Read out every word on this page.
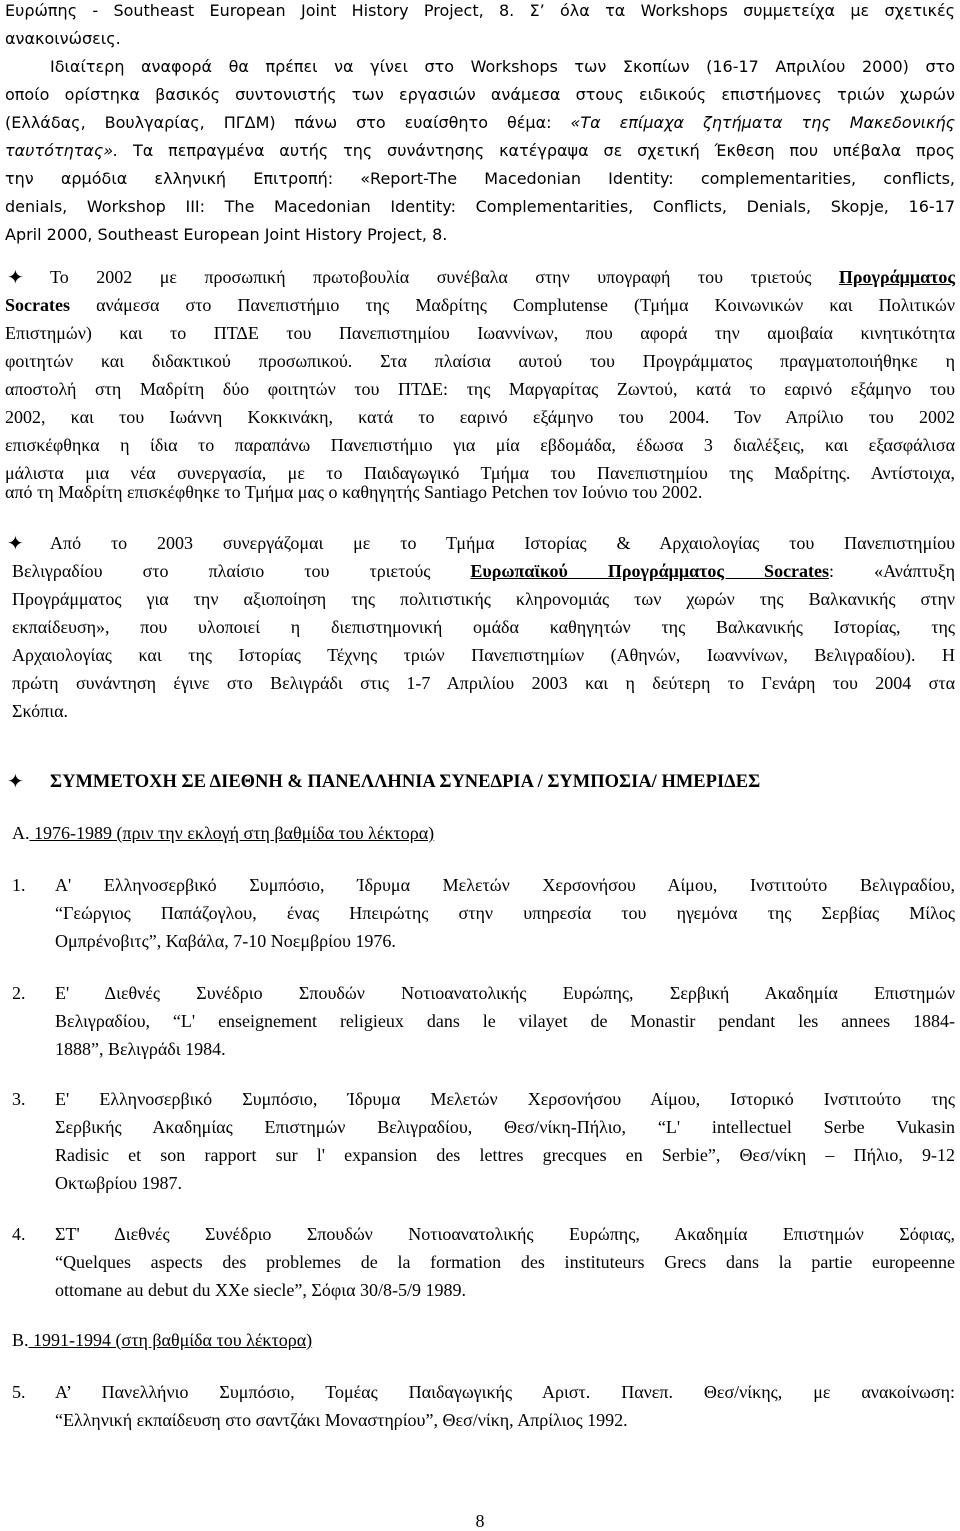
Ευρώπης - Southeast European Joint History Project, 8. Σ’ όλα τα Workshops συμμετείχα με σχετικές
ανακοινώσεις.
Ιδιαίτερη αναφορά θα πρέπει να γίνει στο Workshops των Σκοπίων (16-17 Απριλίου 2000) στο
οποίο ορίστηκα βασικός συντονιστής των εργασιών ανάμεσα στους ειδικούς επιστήμονες τριών χωρών
(Ελλάδας, Βουλγαρίας, ΠΓΔΜ) πάνω στο ευαίσθητο θέμα: «Τα επίμαχα ζητήματα της Μακεδονικής
ταυτότητας». Τα πεπραγμένα αυτής της συνάντησης κατέγραψα σε σχετική Έκθεση που υπέβαλα προς
την αρμόδια ελληνική Επιτροπή: «Report-The Macedonian Identity: complementarities, conflicts,
denials, Workshop III: The Macedonian Identity: Complementarities, Conflicts, Denials, Skopje, 16-17
April 2000, Southeast European Joint History Project, 8.
✦ Το 2002 με προσωπική πρωτοβουλία συνέβαλα στην υπογραφή του τριετούς Προγράμματος
Socrates ανάμεσα στο Πανεπιστήμιο της Μαδρίτης Complutense (Τμήμα Κοινωνικών και Πολιτικών
Επιστημών) και το ΠΤΔΕ του Πανεπιστημίου Ιωαννίνων, που αφορά την αμοιβαία κινητικότητα
φοιτητών και διδακτικού προσωπικού. Στα πλαίσια αυτού του Προγράμματος πραγματοποιήθηκε η
αποστολή στη Μαδρίτη δύο φοιτητών του ΠΤΔΕ: της Μαργαρίτας Ζωντού, κατά το εαρινό εξάμηνο του
2002, και του Ιωάννη Κοκκινάκη, κατά το εαρινό εξάμηνο του 2004. Τον Απρίλιο του 2002
επισκέφθηκα η ίδια το παραπάνω Πανεπιστήμιο για μία εβδομάδα, έδωσα 3 διαλέξεις, και εξασφάλισα
μάλιστα μια νέα συνεργασία, με το Παιδαγωγικό Τμήμα του Πανεπιστημίου της Μαδρίτης. Αντίστοιχα,
από τη Μαδρίτη επισκέφθηκε το Τμήμα μας ο καθηγητής Santiago Petchen τον Ιούνιο του 2002.
✦ Από το 2003 συνεργάζομαι με το Τμήμα Ιστορίας & Αρχαιολογίας του Πανεπιστημίου
Βελιγραδίου στο πλαίσιο του τριετούς Ευρωπαϊκού Προγράμματος Socrates: «Ανάπτυξη
Προγράμματος για την αξιοποίηση της πολιτιστικής κληρονομιάς των χωρών της Βαλκανικής στην
εκπαίδευση», που υλοποιεί η διεπιστημονική ομάδα καθηγητών της Βαλκανικής Ιστορίας, της
Αρχαιολογίας και της Ιστορίας Τέχνης τριών Πανεπιστημίων (Αθηνών, Ιωαννίνων, Βελιγραδίου). Η
πρώτη συνάντηση έγινε στο Βελιγράδι στις 1-7 Απριλίου 2003 και η δεύτερη το Γενάρη του 2004 στα
Σκόπια.
✦ ΣΥΜΜΕΤΟΧΗ ΣΕ ΔΙΕΘΝΗ & ΠΑΝΕΛΛΗΝΙΑ ΣΥΝΕΔΡΙΑ / ΣΥΜΠΟΣΙΑ/ ΗΜΕΡΙΔΕΣ
Α. 1976-1989 (πριν την εκλογή στη βαθμίδα του λέκτορα)
1. Α' Ελληνοσερβικό Συμπόσιο, Ίδρυμα Μελετών Χερσονήσου Αίμου, Ινστιτούτο Βελιγραδίου,
“Γεώργιος Παπάζογλου, ένας Ηπειρώτης στην υπηρεσία του ηγεμόνα της Σερβίας Μίλος
Ομπρένοβιτς”, Καβάλα, 7-10 Νοεμβρίου 1976.
2. Ε' Διεθνές Συνέδριο Σπουδών Νοτιοανατολικής Ευρώπης, Σερβική Ακαδημία Επιστημών
Βελιγραδίου, “L' enseignement religieux dans le vilayet de Monastir pendant les annees 1884-
1888”, Βελιγράδι 1984.
3. Ε' Ελληνοσερβικό Συμπόσιο, Ίδρυμα Μελετών Χερσονήσου Αίμου, Ιστορικό Ινστιτούτο της
Σερβικής Ακαδημίας Επιστημών Βελιγραδίου, Θεσ/νίκη-Πήλιο, “L' intellectuel Serbe Vukasin
Radisic et son rapport sur l' expansion des lettres grecques en Serbie”, Θεσ/νίκη – Πήλιο, 9-12
Οκτωβρίου 1987.
4. ΣΤ' Διεθνές Συνέδριο Σπουδών Νοτιοανατολικής Ευρώπης, Ακαδημία Επιστημών Σόφιας,
“Quelques aspects des problemes de la formation des instituteurs Grecs dans la partie europeenne
ottomane au debut du XXe siecle”, Σόφια 30/8-5/9 1989.
Β. 1991-1994 (στη βαθμίδα του λέκτορα)
5. Α’ Πανελλήνιο Συμπόσιο, Τομέας Παιδαγωγικής Αριστ. Πανεπ. Θεσ/νίκης, με ανακοίνωση:
“Ελληνική εκπαίδευση στο σαντζάκι Μοναστηρίου”, Θεσ/νίκη, Απρίλιος 1992.
8
